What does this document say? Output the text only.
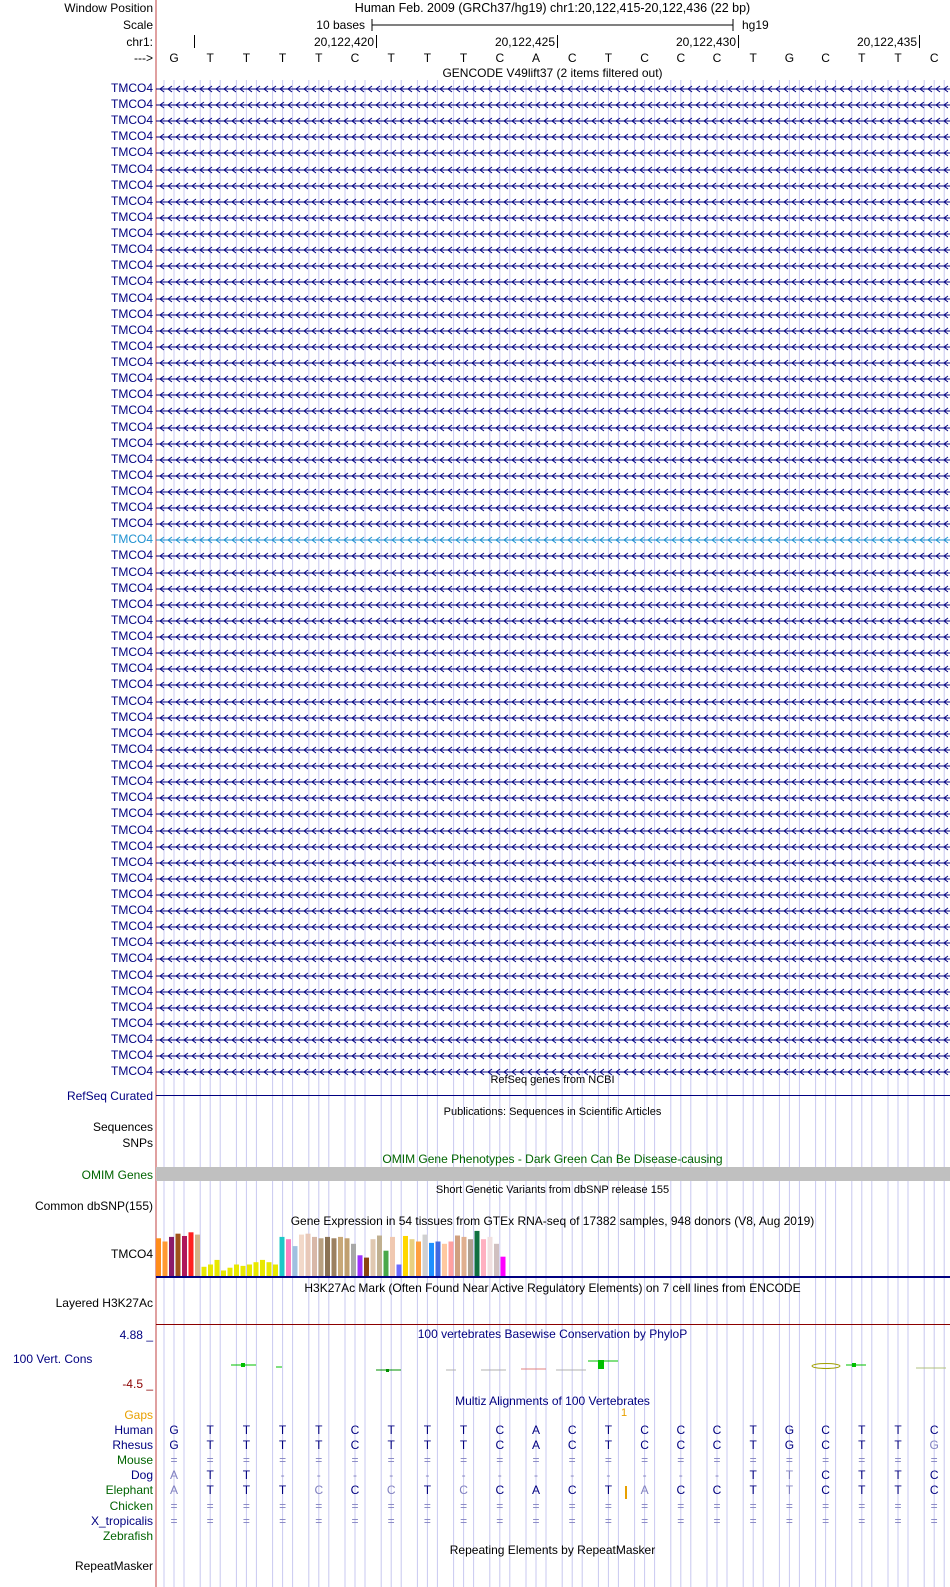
Window Position	Human Feb. 2009 (GRCh37/hg19) chr1:20,122,415-20,122,436 (22 bp)
Scale	10 bases	hg19
chr1:	20,122,420	20,122,425	20,122,430	20,122,435
--->	G	T	T	T	T	C	T	T	T	C	A	C	T	C	C	C	T	G	C	T	T	C
GENCODE V49lift37 (2 items filtered out)
TMCO4
TMCO4
TMCO4
TMCO4
TMCO4
TMCO4
TMCO4
TMCO4
TMCO4
TMCO4
TMCO4
TMCO4
TMCO4
TMCO4
TMCO4
TMCO4
TMCO4
TMCO4
TMCO4
TMCO4
TMCO4
TMCO4
TMCO4
TMCO4
TMCO4
TMCO4
TMCO4
TMCO4
TMCO4
TMCO4
TMCO4
TMCO4
TMCO4
TMCO4
TMCO4
TMCO4
TMCO4
TMCO4
TMCO4
TMCO4
TMCO4
TMCO4
TMCO4
TMCO4
TMCO4
TMCO4
TMCO4
TMCO4
TMCO4
TMCO4
TMCO4
TMCO4
TMCO4
TMCO4
TMCO4
TMCO4
TMCO4
TMCO4
TMCO4
TMCO4
TMCO4
TMCO4
RefSeq genes from NCBI
RefSeq Curated
Publications: Sequences in Scientific Articles
Sequences
SNPs
OMIM Gene Phenotypes - Dark Green Can Be Disease-causing
OMIM Genes
Short Genetic Variants from dbSNP release 155
Common dbSNP(155)
Gene Expression in 54 tissues from GTEx RNA-seq of 17382 samples, 948 donors (V8, Aug 2019)
TMCO4
H3K27Ac Mark (Often Found Near Active Regulatory Elements) on 7 cell lines from ENCODE
Layered H3K27Ac
100 vertebrates Basewise Conservation by PhyloP
4.88 _
100 Vert. Cons
-4.5 _
Multiz Alignments of 100 Vertebrates
Gaps	1
Human	G	T	T	T	T	C	T	T	T	C	A	C	T	C	C	C	T	G	C	T	T	C
Rhesus	G	T	T	T	T	C	T	T	T	C	A	C	T	C	C	C	T	G	C	T	T	G
Mouse	=	=	=	=	=	=	=	=	=	=	=	=	=	=	=	=	=	=	=	=	=	=
Dog	A	T	T	-	-	-	-	-	-	-	-	-	-	-	-	-	T	T	C	T	T	C
Elephant	A	T	T	T	C	C	C	T	C	C	A	C	T	A	C	C	T	T	C	T	T	C
Chicken	=	=	=	=	=	=	=	=	=	=	=	=	=	=	=	=	=	=	=	=	=	=
X_tropicalis	=	=	=	=	=	=	=	=	=	=	=	=	=	=	=	=	=	=	=	=	=	=
Zebrafish
Repeating Elements by RepeatMasker
RepeatMasker
